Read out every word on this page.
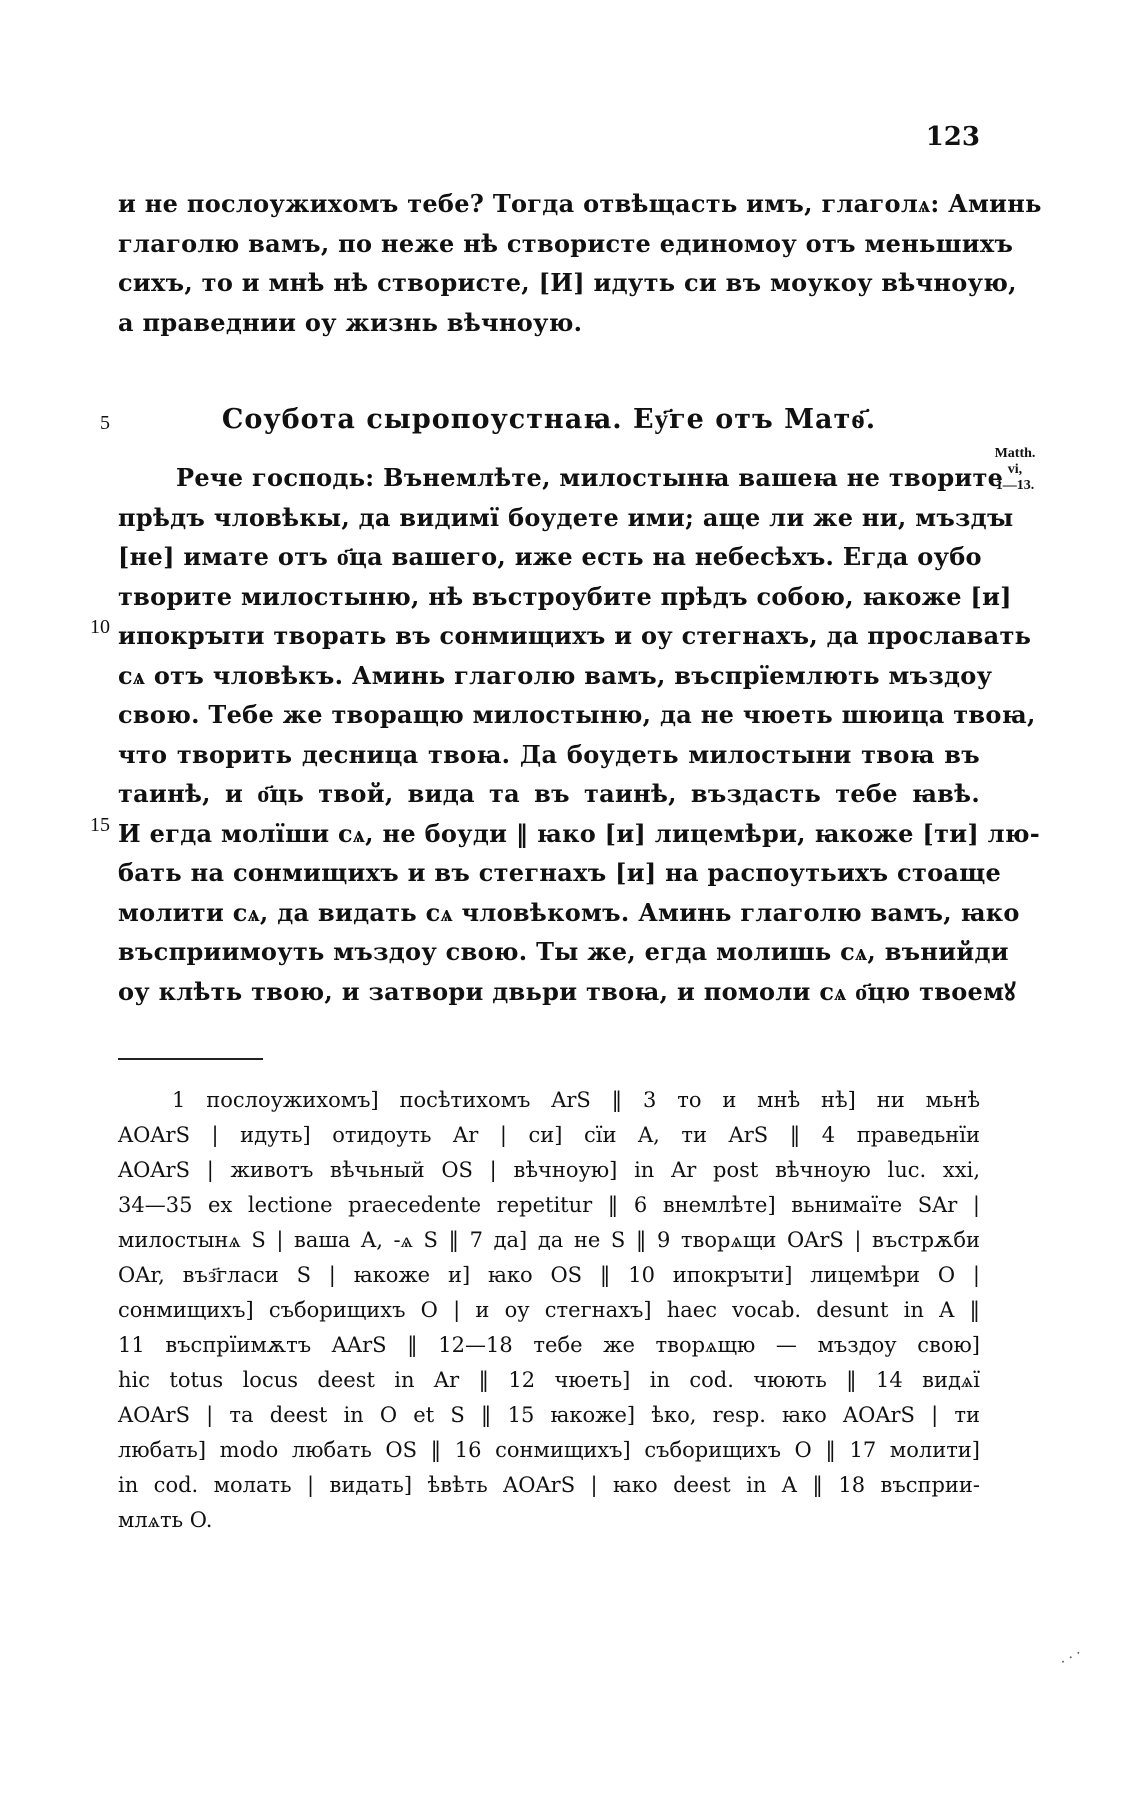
123
и не послоужихомъ тебе? Тогда отвѣщасть имъ, глаголѧ: Аминь
глаголю вамъ, по неже нѣ створисте единомоу отъ меньшихъ
сихъ, то и мнѣ нѣ створисте, [И] идуть си въ моукоу вѣчноую,
а праведнии оу жизнь вѣчноую.
5	Соубота сыропоустнаꙗ. Еу҃ге отъ Матѳ҃.
Matth.
vi,
1—13.
Рече господь: Вънемлѣте, милостынꙗ вашеꙗ не творите
прѣдъ чловѣкы, да видимї боудете ими; аще ли же ни, мъздꙑ
[не] имате отъ о҃ца вашего, иже есть на небесѣхъ. Егда оубо
творите милостыню, нѣ въстроубите прѣдъ собою, ꙗкоже [и]
ипокрꙑти творать въ сонмищихъ и оу стегнахъ, да прославать
сѧ отъ чловѣкъ. Аминь глаголю вамъ, въспрїемлють мъздоу
свою. Тебе же творащю милостыню, да не чюеть шюица твоꙗ,
что творить десница твоꙗ. Да боудеть милостыни твоꙗ въ
таинѣ, и о҃ць твой, вида та въ таинѣ, въздасть тебе ꙗвѣ.
И егда молїши сѧ, не боуди ‖ ꙗко [и] лицемѣри, ꙗкоже [ти] лю-
бать на сонмищихъ и въ стегнахъ [и] на распоутьихъ стоаще
молити сѧ, да видать сѧ чловѣкомъ. Аминь глаголю вамъ, ꙗко
въсприимоуть мъздоу свою. Ты же, егда молишь сѧ, вънийди
оу клѣть твою, и затвори двьри твоꙗ, и помоли сѧ о҃цю твоемꙋ
10
15
1 послоужихомъ] посѣтихомъ ArS ‖ 3 то и мнѣ нѣ] ни мьнѣ
AOArS | идуть] отидоуть Ar | си] сїи A, ти ArS ‖ 4 праведьнїи
AOArS | животъ вѣчьный OS | вѣчноую] in Ar post вѣчноую luc. xxi,
34—35 ex lectione praecedente repetitur ‖ 6 внемлѣте] вьнимаїте SAr |
милостынѧ S | ваша A, -ѧ S ‖ 7 да] да не S ‖ 9 творѧщи OArS | въстрѫби
OAr, въз҃гласи S | ꙗкоже и] ꙗко OS ‖ 10 ипокрꙑти] лицемѣри O |
сонмищихъ] съборищихъ O | и оу стегнахъ] haec vocab. desunt in A ‖
11 въспрїимѫтъ AArS ‖ 12—18 тебе же творѧщю — мъздоу свою]
hic totus locus deest in Ar ‖ 12 чюеть] in cod. чюють ‖ 14 видѧї
AOArS | та deest in O et S ‖ 15 ꙗкоже] ѣко, resp. ꙗко AOArS | ти
любать] modo любать OS ‖ 16 сонмищихъ] съборищихъ O ‖ 17 молити]
in cod. молать | видать] ѣвѣть AOArS | ꙗко deest in A ‖ 18 въсприи-
млѧть O.
· · ·
